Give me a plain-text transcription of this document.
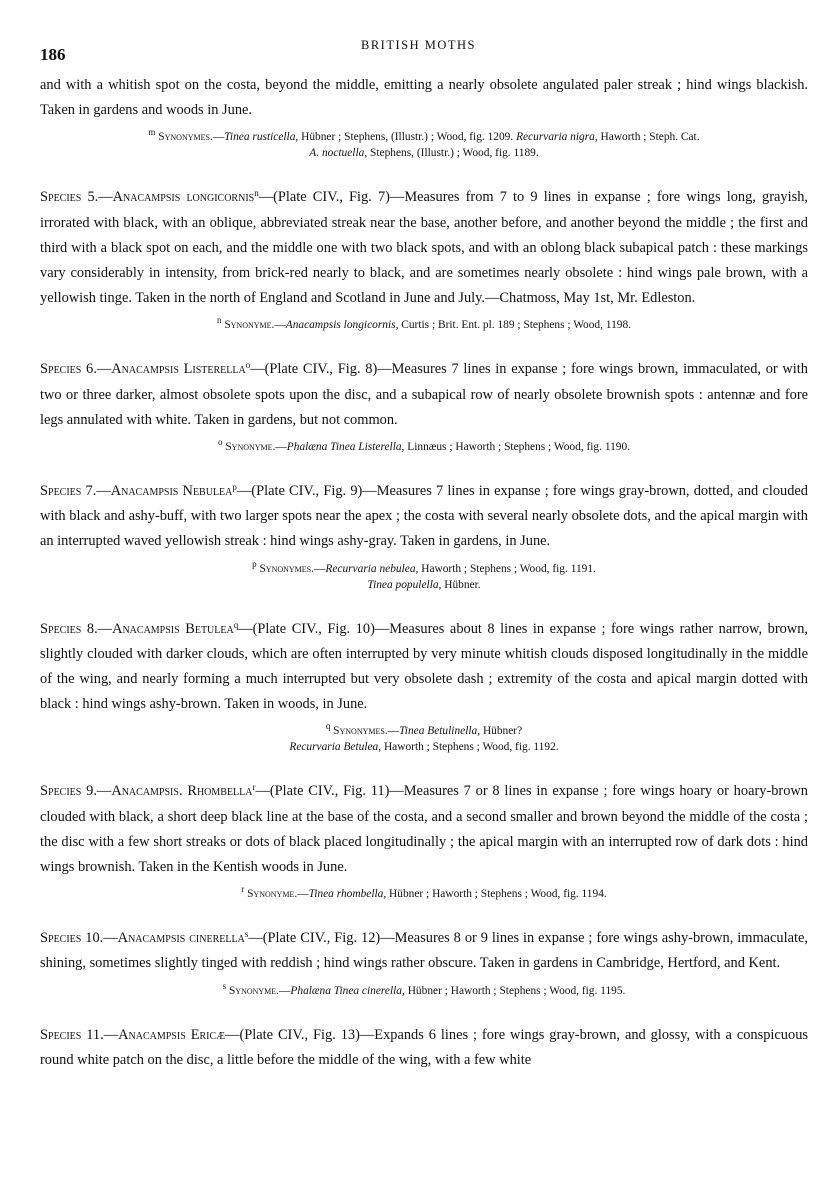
186	BRITISH MOTHS

and with a whitish spot on the costa, beyond the middle, emitting a nearly obsolete angulated paler streak ; hind wings blackish. Taken in gardens and woods in June.

$^m$ Synonymes.—Tinea rusticella, Hübner ; Stephens, (Illustr.) ; Wood, fig. 1209. Recurvaria nigra, Haworth ; Steph. Cat.
A. noctuella, Stephens, (Illustr.) ; Wood, fig. 1189.

Species 5.—Anacampsis longicornis$^n$—(Plate CIV., Fig. 7)—Measures from 7 to 9 lines in expanse ; fore wings long, grayish, irrorated with black, with an oblique, abbreviated streak near the base, another before, and another beyond the middle ; the first and third with a black spot on each, and the middle one with two black spots, and with an oblong black subapical patch : these markings vary considerably in intensity, from brick-red nearly to black, and are sometimes nearly obsolete : hind wings pale brown, with a yellowish tinge. Taken in the north of England and Scotland in June and July.—Chatmoss, May 1st, Mr. Edleston.

$^n$ Synonyme.—Anacampsis longicornis, Curtis ; Brit. Ent. pl. 189 ; Stephens ; Wood, 1198.

Species 6.—Anacampsis Listerella$^o$—(Plate CIV., Fig. 8)—Measures 7 lines in expanse ; fore wings brown, immaculated, or with two or three darker, almost obsolete spots upon the disc, and a subapical row of nearly obsolete brownish spots : antennæ and fore legs annulated with white. Taken in gardens, but not common.

$^o$ Synonyme.—Phalæna Tinea Listerella, Linnæus ; Haworth ; Stephens ; Wood, fig. 1190.

Species 7.—Anacampsis Nebulea$^p$—(Plate CIV., Fig. 9)—Measures 7 lines in expanse ; fore wings gray-brown, dotted, and clouded with black and ashy-buff, with two larger spots near the apex ; the costa with several nearly obsolete dots, and the apical margin with an interrupted waved yellowish streak : hind wings ashy-gray. Taken in gardens, in June.

$^p$ Synonymes.—Recurvaria nebulea, Haworth ; Stephens ; Wood, fig. 1191.
Tinea populella, Hübner.

Species 8.—Anacampsis Betulea$^q$—(Plate CIV., Fig. 10)—Measures about 8 lines in expanse ; fore wings rather narrow, brown, slightly clouded with darker clouds, which are often interrupted by very minute whitish clouds disposed longitudinally in the middle of the wing, and nearly forming a much interrupted but very obsolete dash ; extremity of the costa and apical margin dotted with black : hind wings ashy-brown. Taken in woods, in June.

$^q$ Synonymes.—Tinea Betulinella, Hübner?
Recurvaria Betulea, Haworth ; Stephens ; Wood, fig. 1192.

Species 9.—Anacampsis. Rhombella$^r$—(Plate CIV., Fig. 11)—Measures 7 or 8 lines in expanse ; fore wings hoary or hoary-brown clouded with black, a short deep black line at the base of the costa, and a second smaller and brown beyond the middle of the costa ; the disc with a few short streaks or dots of black placed longitudinally ; the apical margin with an interrupted row of dark dots : hind wings brownish. Taken in the Kentish woods in June.

$^r$ Synonyme.—Tinea rhombella, Hübner ; Haworth ; Stephens ; Wood, fig. 1194.

Species 10.—Anacampsis cinerella$^s$—(Plate CIV., Fig. 12)—Measures 8 or 9 lines in expanse ; fore wings ashy-brown, immaculate, shining, sometimes slightly tinged with reddish ; hind wings rather obscure. Taken in gardens in Cambridge, Hertford, and Kent.

$^s$ Synonyme.—Phalæna Tinea cinerella, Hübner ; Haworth ; Stephens ; Wood, fig. 1195.

Species 11.—Anacampsis Ericæ—(Plate CIV., Fig. 13)—Expands 6 lines ; fore wings gray-brown, and glossy, with a conspicuous round white patch on the disc, a little before the middle of the wing, with a few white
